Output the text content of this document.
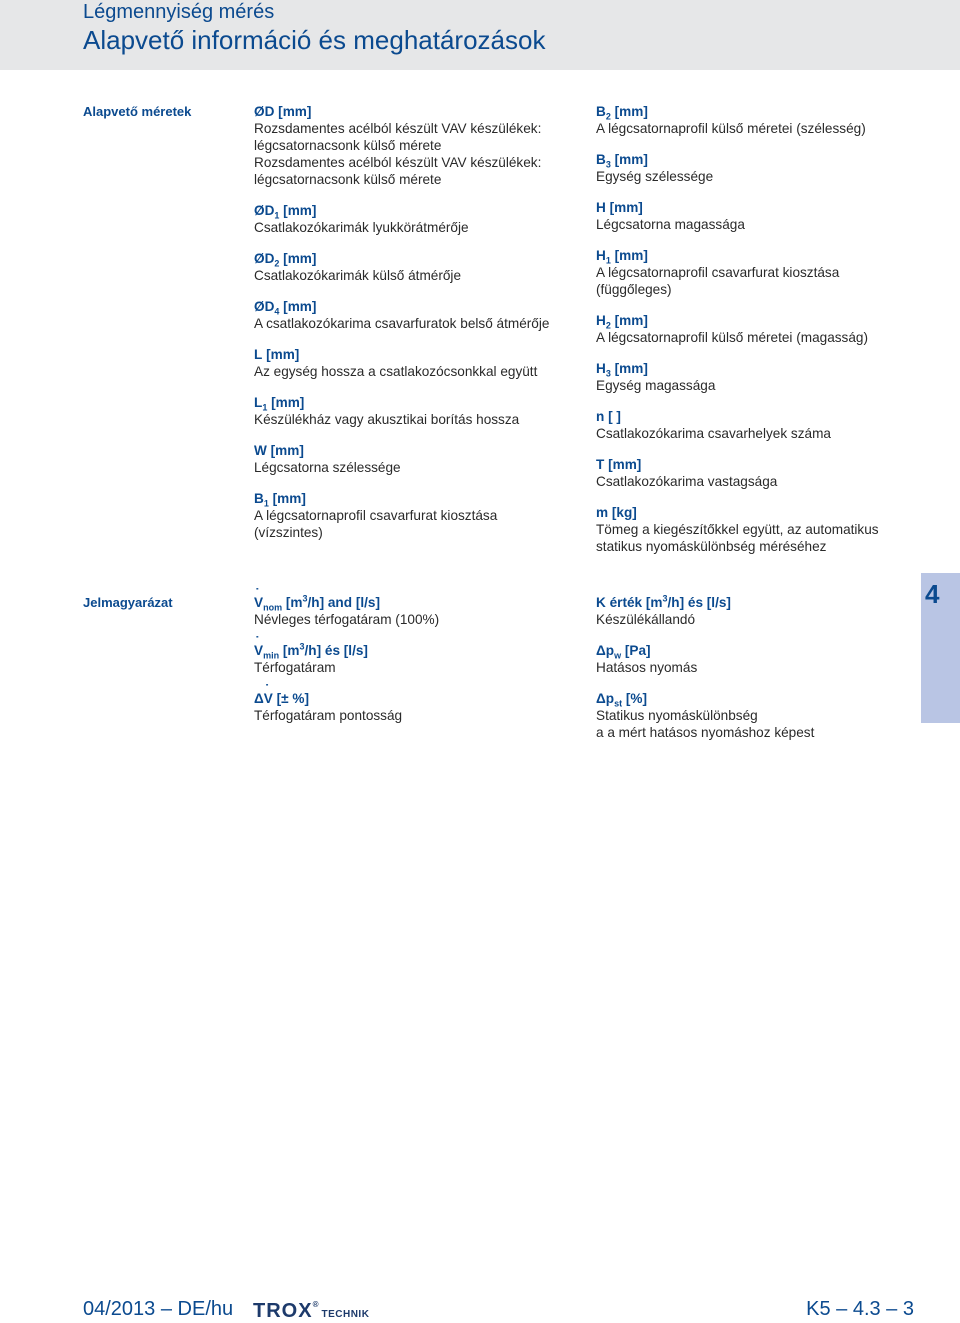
Légmennyiség mérés
Alapvető információ és meghatározások
Alapvető méretek	ØD [mm]
Rozsdamentes acélból készült VAV készülékek:
légcsatornacsonk külső mérete
Rozsdamentes acélból készült VAV készülékek:
légcsatornacsonk külső mérete
$ØD_1$ [mm]
Csatlakozókarimák lyukkörátmérője
$ØD_2$ [mm]
Csatlakozókarimák külső átmérője
$ØD_4$ [mm]
A csatlakozókarima csavarfuratok belső átmérője
L [mm]
Az egység hossza a csatlakozócsonkkal együtt
$L_1$ [mm]
Készülékház vagy akusztikai borítás hossza
W [mm]
Légcsatorna szélessége
$B_1$ [mm]
A légcsatornaprofil csavarfurat kiosztása
(vízszintes)
$B_2$ [mm]
A légcsatornaprofil külső méretei (szélesség)
$B_3$ [mm]
Egység szélessége
H [mm]
Légcsatorna magassága
$H_1$ [mm]
A légcsatornaprofil csavarfurat kiosztása
(függőleges)
$H_2$ [mm]
A légcsatornaprofil külső méretei (magasság)
$H_3$ [mm]
Egység magassága
n [ ]
Csatlakozókarima csavarhelyek száma
T [mm]
Csatlakozókarima vastagsága
m [kg]
Tömeg a kiegészítőkkel együtt, az automatikus
statikus nyomáskülönbség méréséhez
Jelmagyarázat
˙	$V_{nom}$ $[m^3/h]$ and [l/s]
Névleges térfogatáram (100%)
˙ $V_{min}$ $[m^3/h]$ és [l/s]
Térfogatáram
Δ˙ V [± %]
Térfogatáram pontosság
K érték $[m^3/h]$ és [l/s]
Készülékállandó
$\Delta p_w$ [Pa]
Hatásos nyomás
$\Delta p_{st}$ [%]
Statikus nyomáskülönbség
a a mért hatásos nyomáshoz képest
4
04/2013 – DE/hu TROX®TECHNIK	K5 – 4.3 – 3
